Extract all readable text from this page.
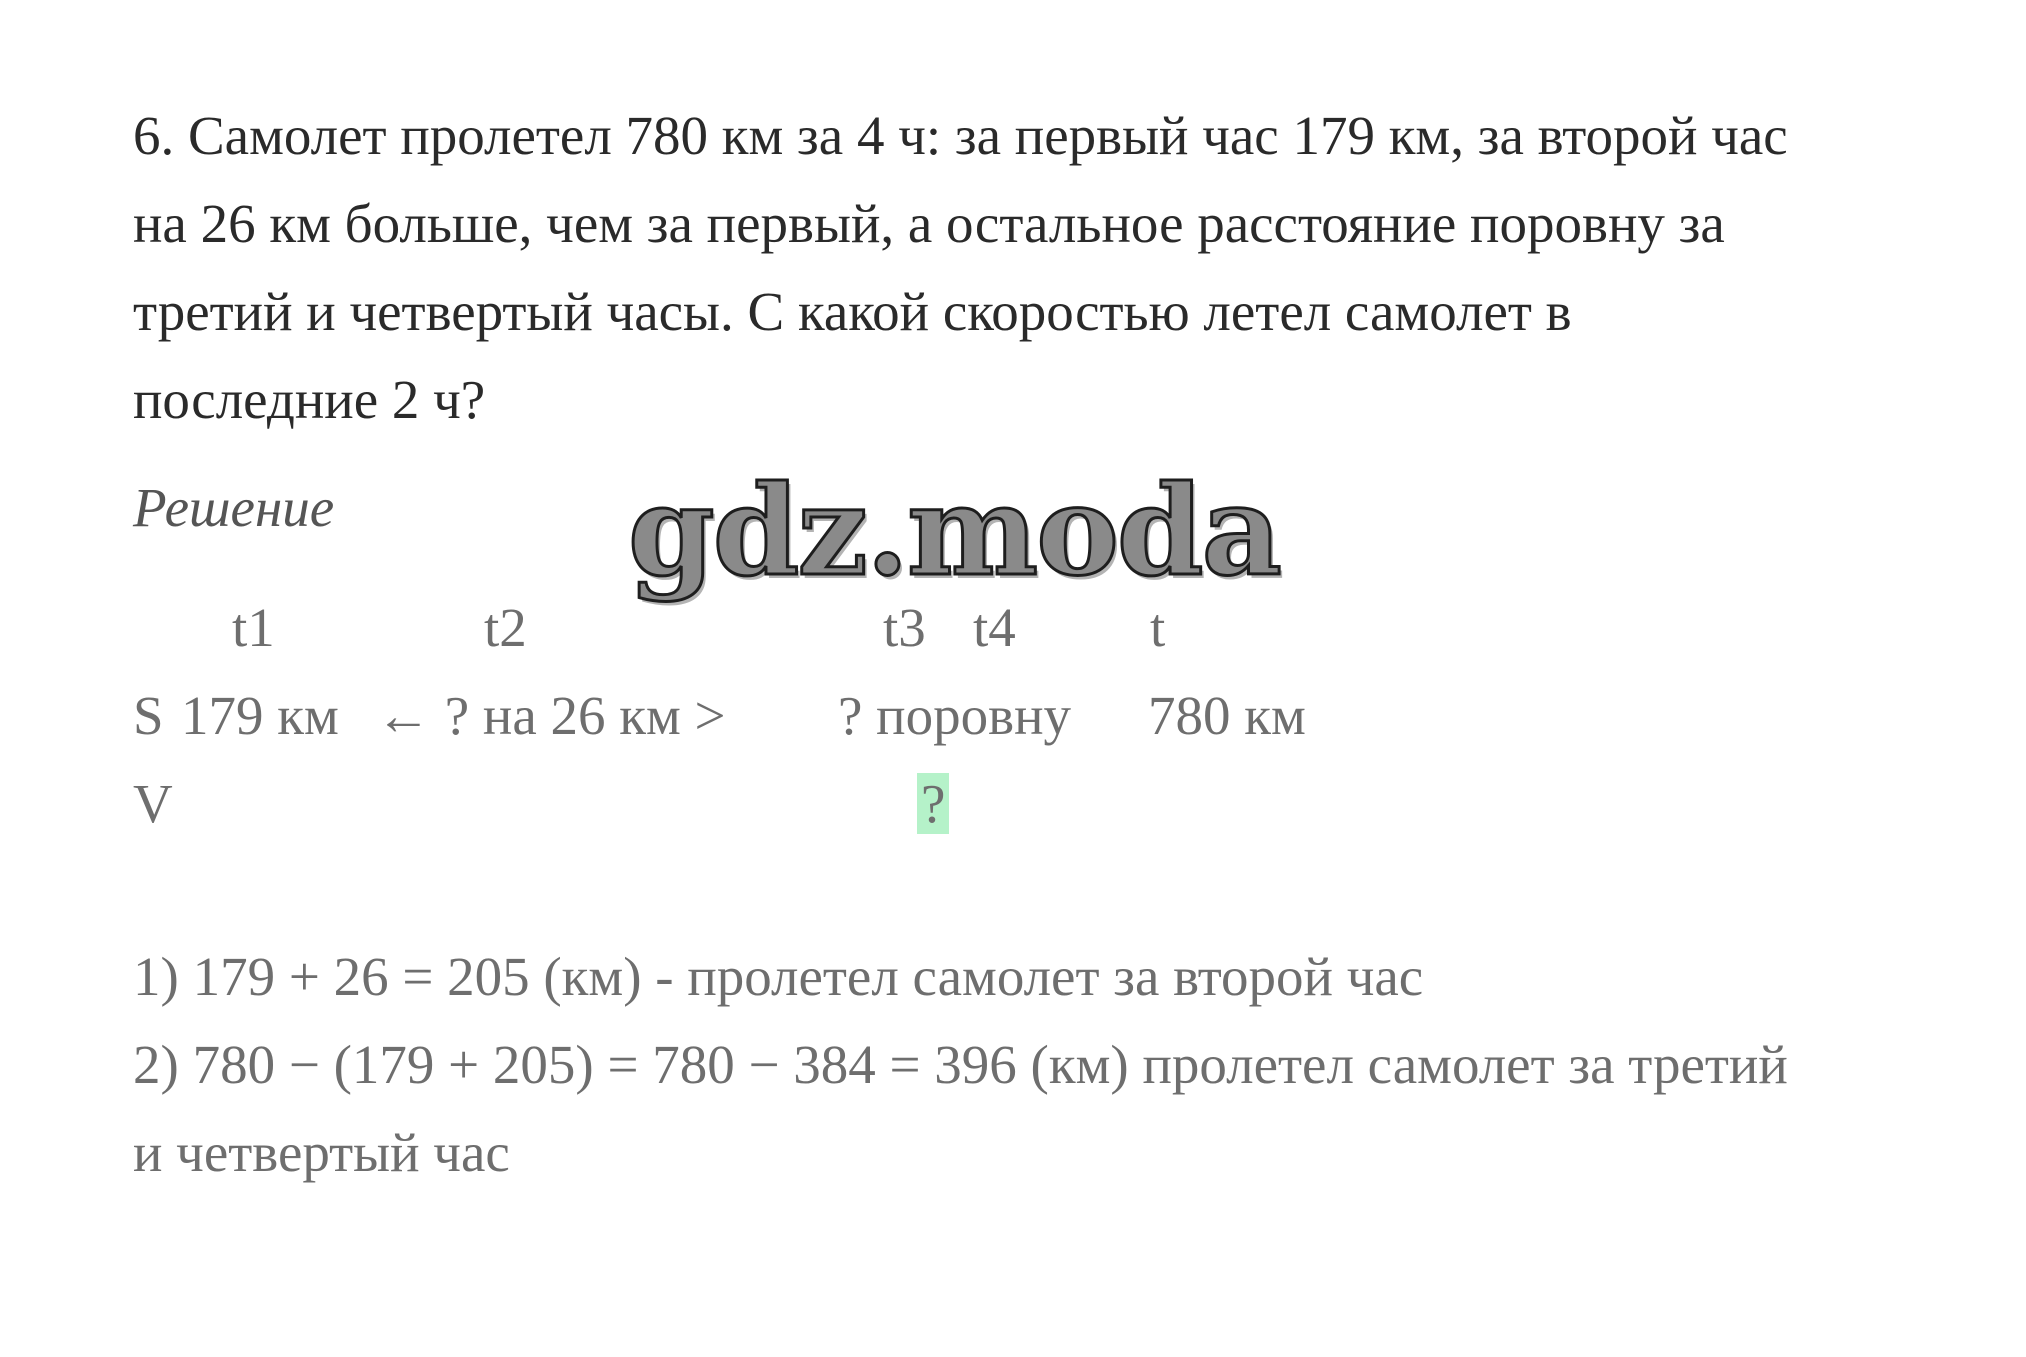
6. Самолет пролетел 780 км за 4 ч: за первый час 179 км, за второй час
на 26 км больше, чем за первый, а остальное расстояние поровну за
третий и четвертый часы. С какой скоростью летел самолет в
последние 2 ч?
Решение gdz.moda
t1	t2	t3 t4 t
S 179 км ← ? на 26 км > ? поровну 780 км
V	?
1) 179 + 26 = 205 (км) - пролетел самолет за второй час
2) 780 − (179 + 205) = 780 − 384 = 396 (км) пролетел самолет за третий
и четвертый час
